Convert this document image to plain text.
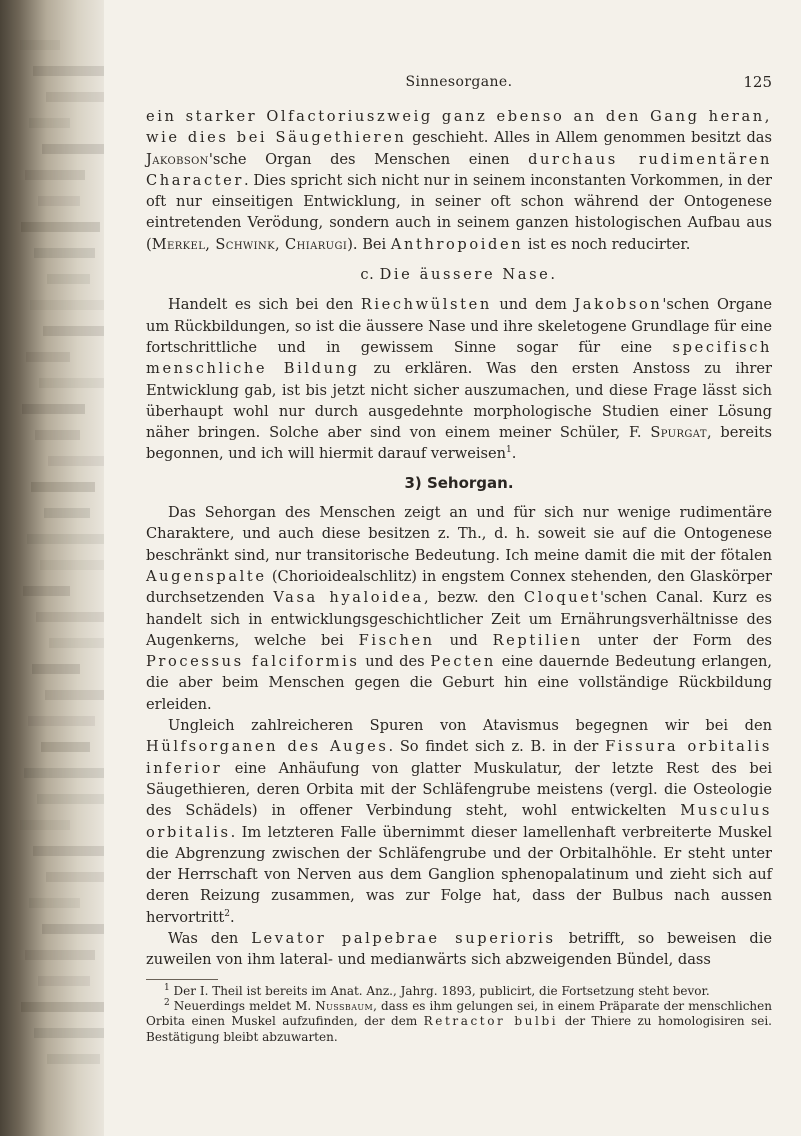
Sinnesorgane.	125

ein starker Olfactoriuszweig ganz ebenso an den Gang heran, wie dies bei Säugethieren geschieht. Alles in Allem genommen besitzt das Jakobson'sche Organ des Menschen einen durchaus rudimentären Character. Dies spricht sich nicht nur in seinem inconstanten Vorkommen, in der oft nur einseitigen Entwicklung, in seiner oft schon während der Ontogenese eintretenden Verödung, sondern auch in seinem ganzen histologischen Aufbau aus (Merkel, Schwink, Chiarugi). Bei Anthropoiden ist es noch reducirter.

c. Die äussere Nase.

Handelt es sich bei den Riechwülsten und dem Jakobson'schen Organe um Rückbildungen, so ist die äussere Nase und ihre skeletogene Grundlage für eine fortschrittliche und in gewissem Sinne sogar für eine specifisch menschliche Bildung zu erklären. Was den ersten Anstoss zu ihrer Entwicklung gab, ist bis jetzt nicht sicher auszumachen, und diese Frage lässt sich überhaupt wohl nur durch ausgedehnte morphologische Studien einer Lösung näher bringen. Solche aber sind von einem meiner Schüler, F. Spurgat, bereits begonnen, und ich will hiermit darauf verweisen$^1$.

3) Sehorgan.

Das Sehorgan des Menschen zeigt an und für sich nur wenige rudimentäre Charaktere, und auch diese besitzen z. Th., d. h. soweit sie auf die Ontogenese beschränkt sind, nur transitorische Bedeutung. Ich meine damit die mit der fötalen Augenspalte (Chorioidealschlitz) in engstem Connex stehenden, den Glaskörper durchsetzenden Vasa hyaloidea, bezw. den Cloquet'schen Canal. Kurz es handelt sich in entwicklungsgeschichtlicher Zeit um Ernährungsverhältnisse des Augenkerns, welche bei Fischen und Reptilien unter der Form des Processus falciformis und des Pecten eine dauernde Bedeutung erlangen, die aber beim Menschen gegen die Geburt hin eine vollständige Rückbildung erleiden.

Ungleich zahlreicheren Spuren von Atavismus begegnen wir bei den Hülfsorganen des Auges. So findet sich z. B. in der Fissura orbitalis inferior eine Anhäufung von glatter Muskulatur, der letzte Rest des bei Säugethieren, deren Orbita mit der Schläfengrube meistens (vergl. die Osteologie des Schädels) in offener Verbindung steht, wohl entwickelten Musculus orbitalis. Im letzteren Falle übernimmt dieser lamellenhaft verbreiterte Muskel die Abgrenzung zwischen der Schläfengrube und der Orbitalhöhle. Er steht unter der Herrschaft von Nerven aus dem Ganglion sphenopalatinum und zieht sich auf deren Reizung zusammen, was zur Folge hat, dass der Bulbus nach aussen hervortritt$^2$.

Was den Levator palpebrae superioris betrifft, so beweisen die zuweilen von ihm lateral- und medianwärts sich abzweigenden Bündel, dass

$^1$ Der I. Theil ist bereits im Anat. Anz., Jahrg. 1893, publicirt, die Fortsetzung steht bevor.

$^2$ Neuerdings meldet M. Nussbaum, dass es ihm gelungen sei, in einem Präparate der menschlichen Orbita einen Muskel aufzufinden, der dem Retractor bulbi der Thiere zu homologisiren sei. Bestätigung bleibt abzuwarten.
